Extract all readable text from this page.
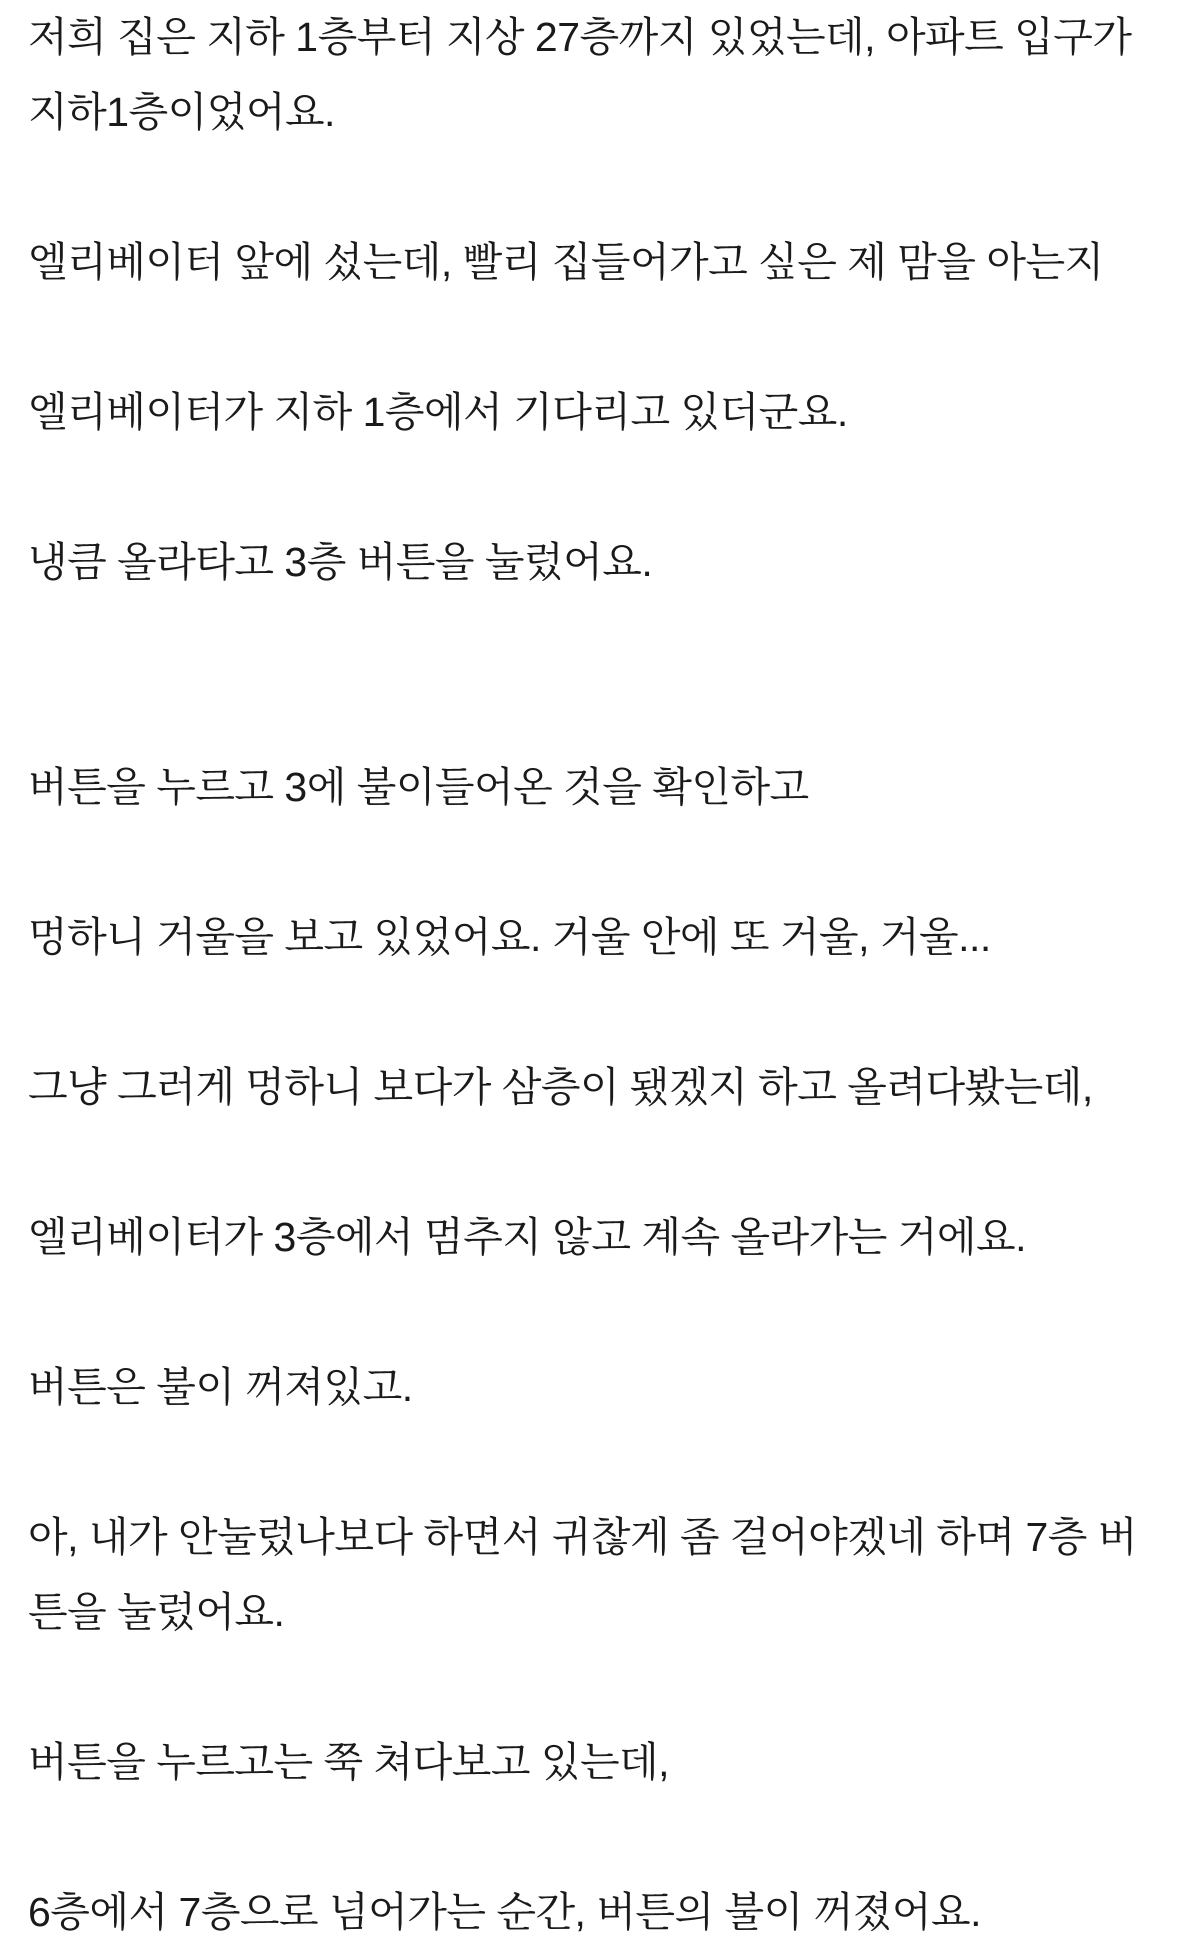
저희 집은 지하 1층부터 지상 27층까지 있었는데, 아파트 입구가
지하1층이었어요.

엘리베이터 앞에 섰는데, 빨리 집들어가고 싶은 제 맘을 아는지

엘리베이터가 지하 1층에서 기다리고 있더군요.

냉큼 올라타고 3층 버튼을 눌렀어요.

버튼을 누르고 3에 불이들어온 것을 확인하고

멍하니 거울을 보고 있었어요. 거울 안에 또 거울, 거울...

그냥 그러게 멍하니 보다가 삼층이 됐겠지 하고 올려다봤는데,

엘리베이터가 3층에서 멈추지 않고 계속 올라가는 거에요.

버튼은 불이 꺼져있고.

아, 내가 안눌렀나보다 하면서 귀찮게 좀 걸어야겠네 하며 7층 버
튼을 눌렀어요.

버튼을 누르고는 쭉 쳐다보고 있는데,

6층에서 7층으로 넘어가는 순간, 버튼의 불이 꺼졌어요.
